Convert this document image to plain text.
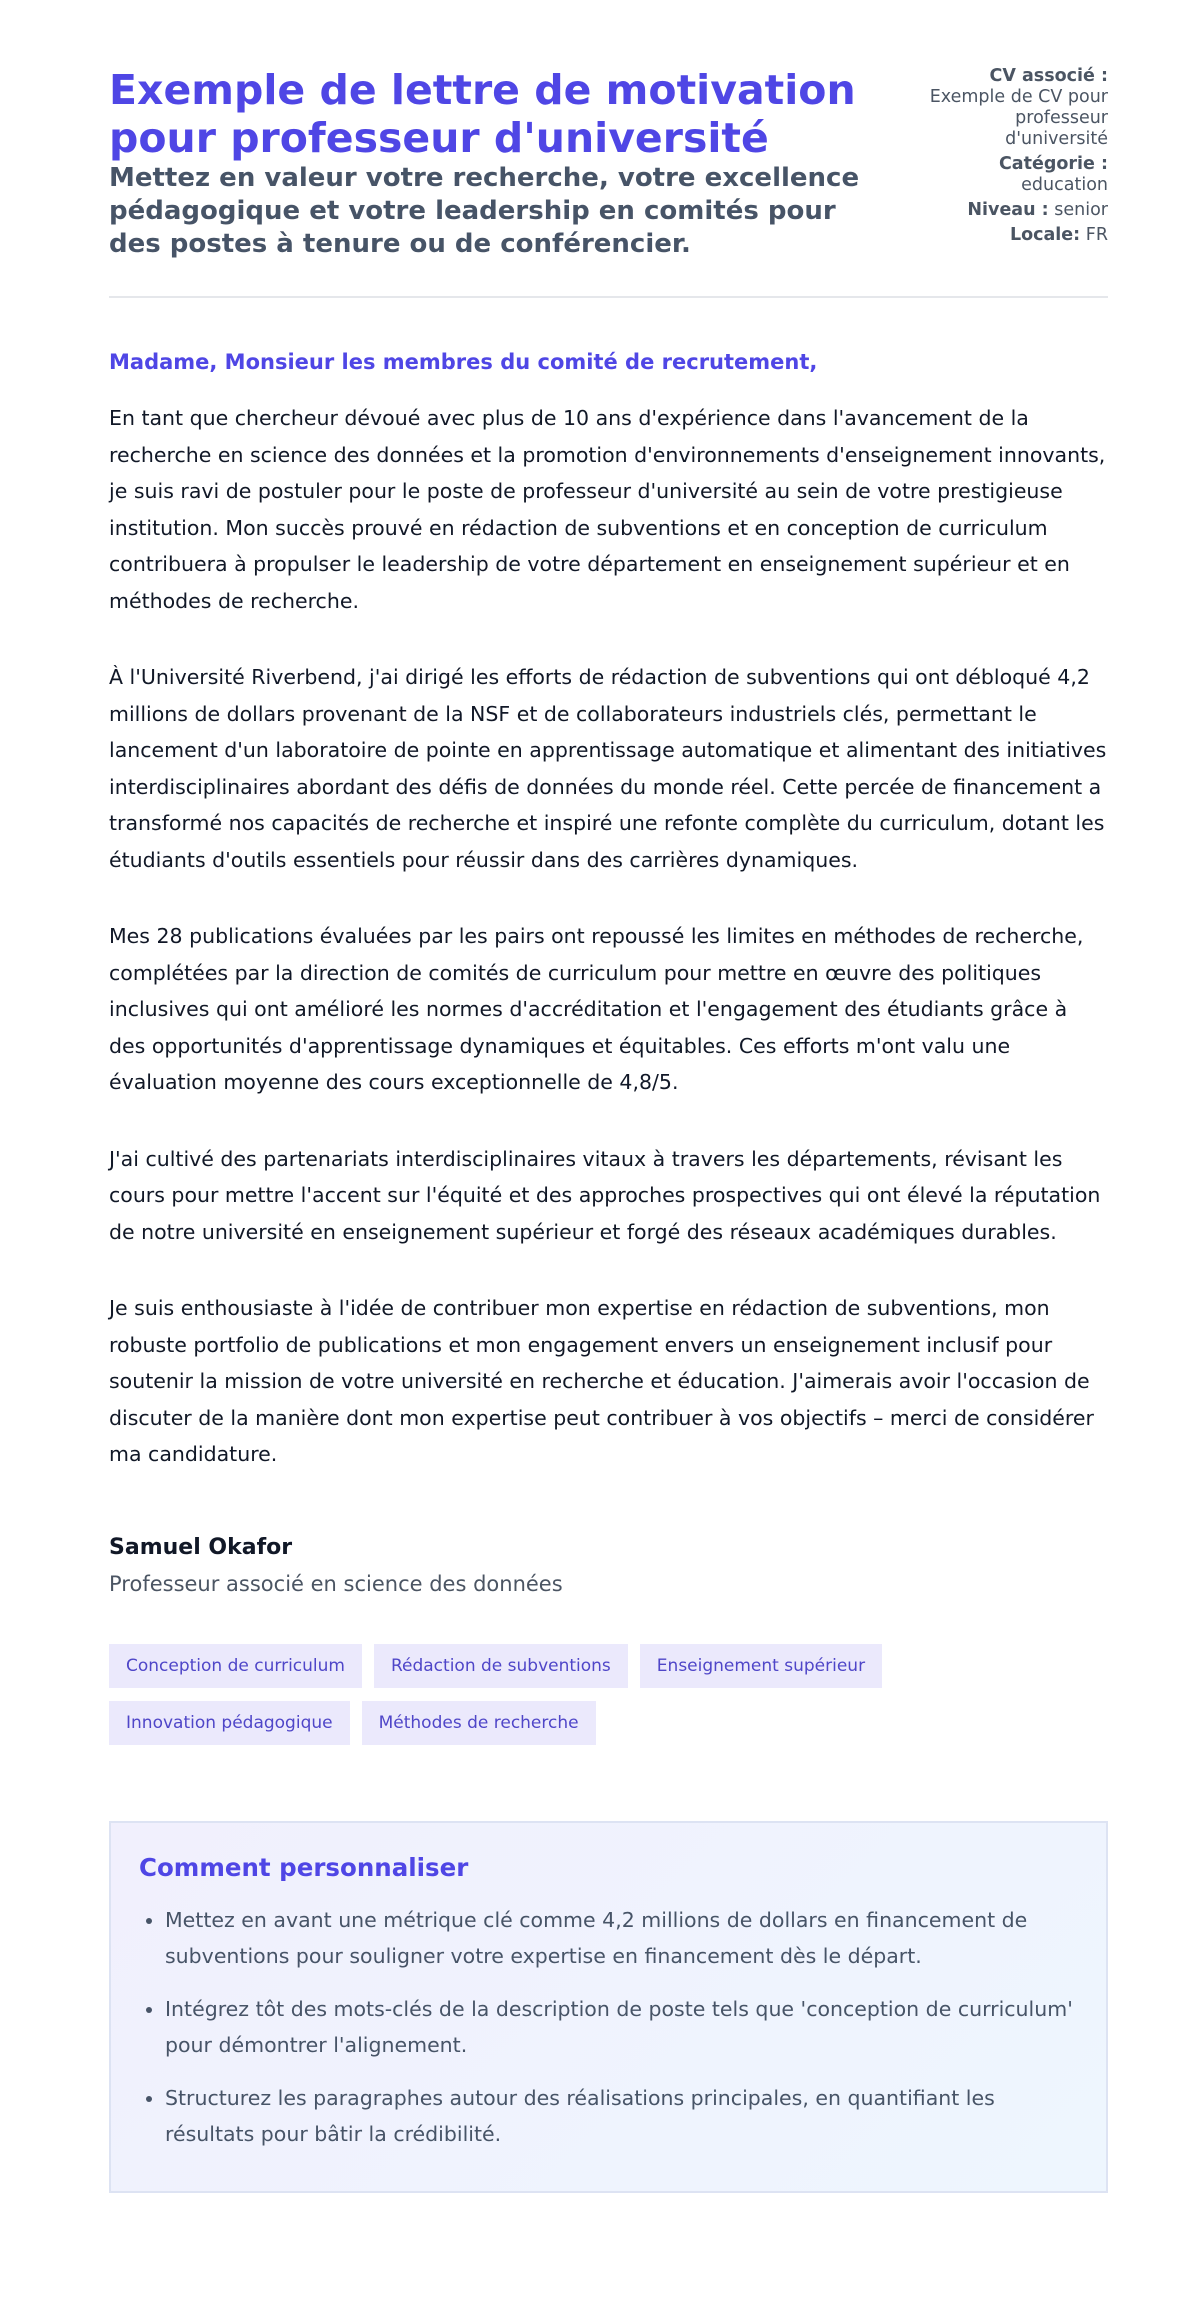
Exemple de lettre de motivation pour professeur d'université

Mettez en valeur votre recherche, votre excellence pédagogique et votre leadership en comités pour des postes à tenure ou de conférencier.

CV associé :
Exemple de CV pour professeur d'université
Catégorie :
education
Niveau : senior
Locale: FR
Madame, Monsieur les membres du comité de recrutement,

En tant que chercheur dévoué avec plus de 10 ans d'expérience dans l'avancement de la recherche en science des données et la promotion d'environnements d'enseignement innovants, je suis ravi de postuler pour le poste de professeur d'université au sein de votre prestigieuse institution. Mon succès prouvé en rédaction de subventions et en conception de curriculum contribuera à propulser le leadership de votre département en enseignement supérieur et en méthodes de recherche.

À l'Université Riverbend, j'ai dirigé les efforts de rédaction de subventions qui ont débloqué 4,2 millions de dollars provenant de la NSF et de collaborateurs industriels clés, permettant le lancement d'un laboratoire de pointe en apprentissage automatique et alimentant des initiatives interdisciplinaires abordant des défis de données du monde réel. Cette percée de financement a transformé nos capacités de recherche et inspiré une refonte complète du curriculum, dotant les étudiants d'outils essentiels pour réussir dans des carrières dynamiques.

Mes 28 publications évaluées par les pairs ont repoussé les limites en méthodes de recherche, complétées par la direction de comités de curriculum pour mettre en œuvre des politiques inclusives qui ont amélioré les normes d'accréditation et l'engagement des étudiants grâce à des opportunités d'apprentissage dynamiques et équitables. Ces efforts m'ont valu une évaluation moyenne des cours exceptionnelle de 4,8/5.

J'ai cultivé des partenariats interdisciplinaires vitaux à travers les départements, révisant les cours pour mettre l'accent sur l'équité et des approches prospectives qui ont élevé la réputation de notre université en enseignement supérieur et forgé des réseaux académiques durables.

Je suis enthousiaste à l'idée de contribuer mon expertise en rédaction de subventions, mon robuste portfolio de publications et mon engagement envers un enseignement inclusif pour soutenir la mission de votre université en recherche et éducation. J'aimerais avoir l'occasion de discuter de la manière dont mon expertise peut contribuer à vos objectifs – merci de considérer ma candidature.

Samuel Okafor
Professeur associé en science des données
Conception de curriculum	Rédaction de subventions	Enseignement supérieur
Innovation pédagogique	Méthodes de recherche
Comment personnaliser
• Mettez en avant une métrique clé comme 4,2 millions de dollars en financement de subventions pour souligner votre expertise en financement dès le départ.
• Intégrez tôt des mots-clés de la description de poste tels que 'conception de curriculum' pour démontrer l'alignement.
• Structurez les paragraphes autour des réalisations principales, en quantifiant les résultats pour bâtir la crédibilité.
